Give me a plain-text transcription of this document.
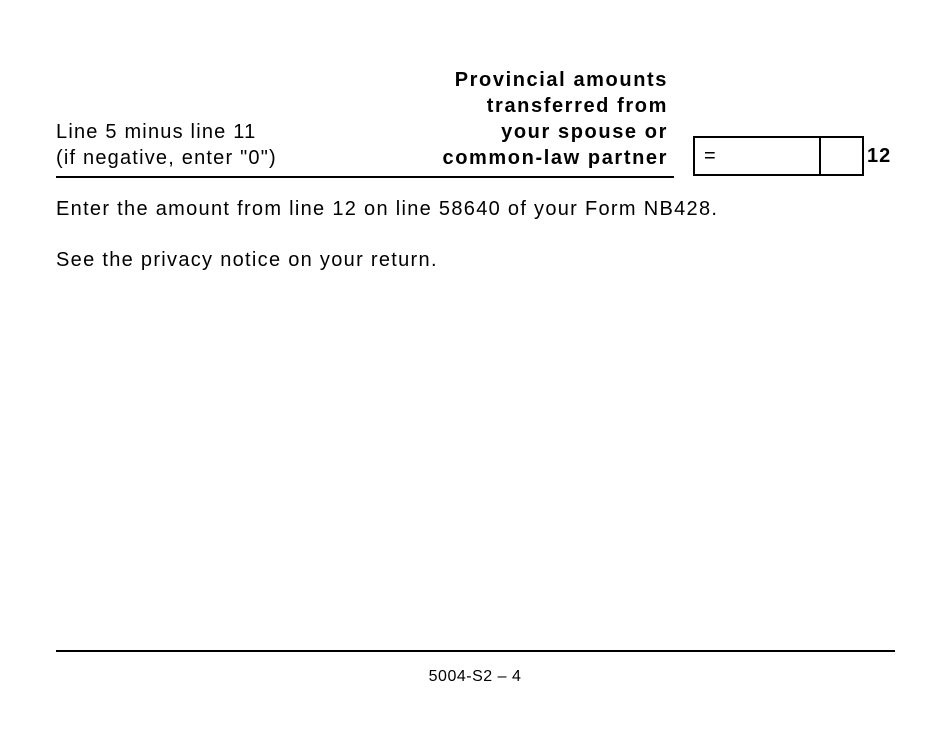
Line 5 minus line 11
(if negative, enter "0")
Provincial amounts
transferred from
your spouse or
common-law partner =	12
Enter the amount from line 12 on line 58640 of your Form NB428.
See the privacy notice on your return.
5004-S2 – 4
